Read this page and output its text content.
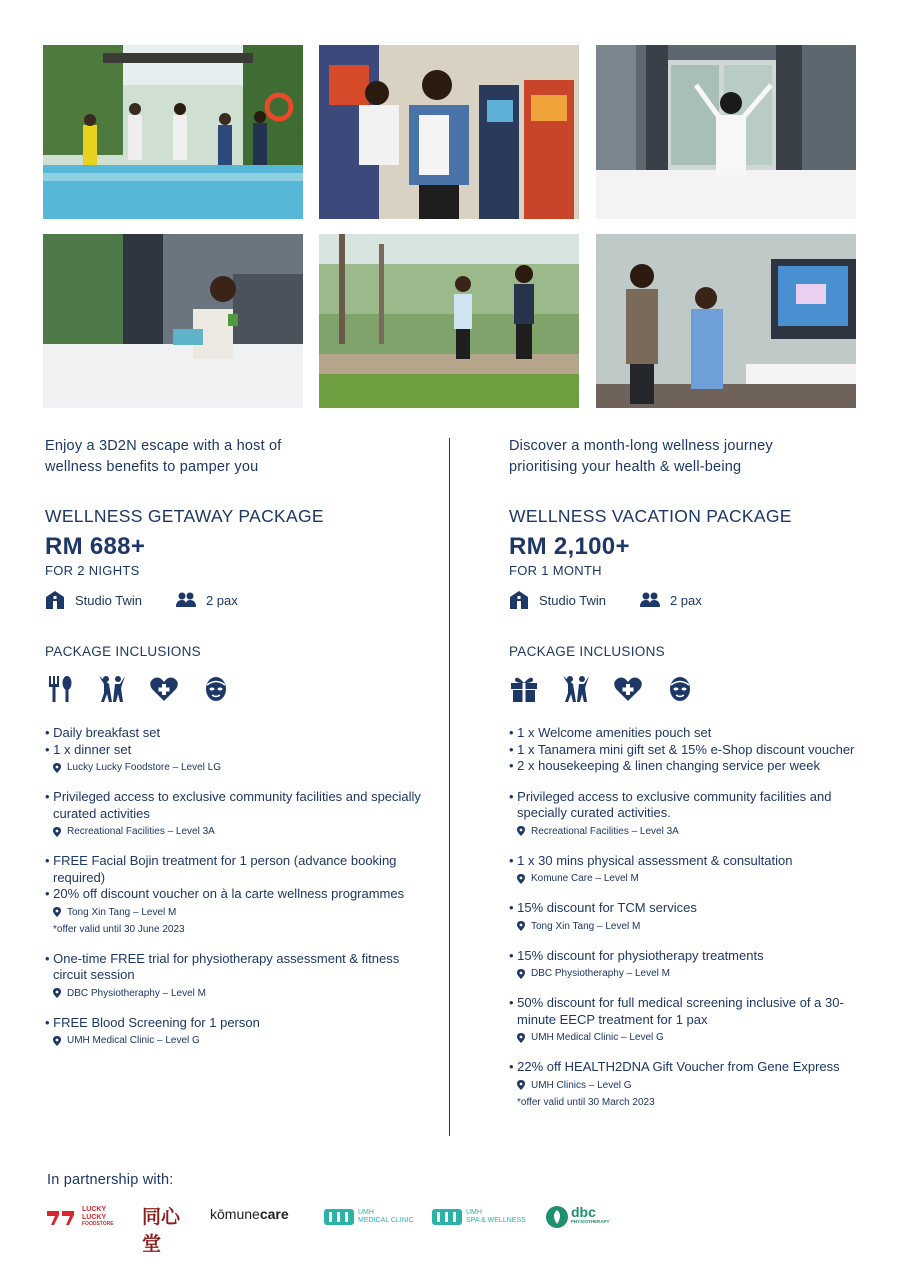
Enjoy a 3D2N escape with a host of
wellness benefits to pamper you

WELLNESS GETAWAY PACKAGE
RM 688+
FOR 2 NIGHTS
Studio Twin	2 pax
PACKAGE INCLUSIONS
• Daily breakfast set
• 1 x dinner set
Lucky Lucky Foodstore – Level LG
• Privileged access to exclusive community facilities and specially curated activities
Recreational Facilities – Level 3A
• FREE Facial Bojin treatment for 1 person (advance booking required)
• 20% off discount voucher on à la carte wellness programmes
Tong Xin Tang – Level M
*offer valid until 30 June 2023
• One-time FREE trial for physiotherapy assessment & fitness circuit session
DBC Physiotheraphy – Level M
• FREE Blood Screening for 1 person
UMH Medical Clinic – Level G

Discover a month-long wellness journey
prioritising your health & well-being

WELLNESS VACATION PACKAGE
RM 2,100+
FOR 1 MONTH
Studio Twin	2 pax
PACKAGE INCLUSIONS
• 1 x Welcome amenities pouch set
• 1 x Tanamera mini gift set & 15% e-Shop discount voucher
• 2 x housekeeping & linen changing service per week
• Privileged access to exclusive community facilities and specially curated activities.
Recreational Facilities – Level 3A
• 1 x 30 mins physical assessment & consultation
Komune Care – Level M
• 15% discount for TCM services
Tong Xin Tang – Level M
• 15% discount for physiotherapy treatments
DBC Physiotheraphy – Level M
• 50% discount for full medical screening inclusive of a 30-minute EECP treatment for 1 pax
UMH Medical Clinic – Level G
• 22% off HEALTH2DNA Gift Voucher from Gene Express
UMH Clinics – Level G
*offer valid until 30 March 2023
In partnership with:
LUCKY
LUCKY
FOODSTORE 同心堂
kōmunecare	UMH
MEDICAL CLINIC
UMH
SPA & WELLNESS
dbc
PHYSIOTHERAPY
